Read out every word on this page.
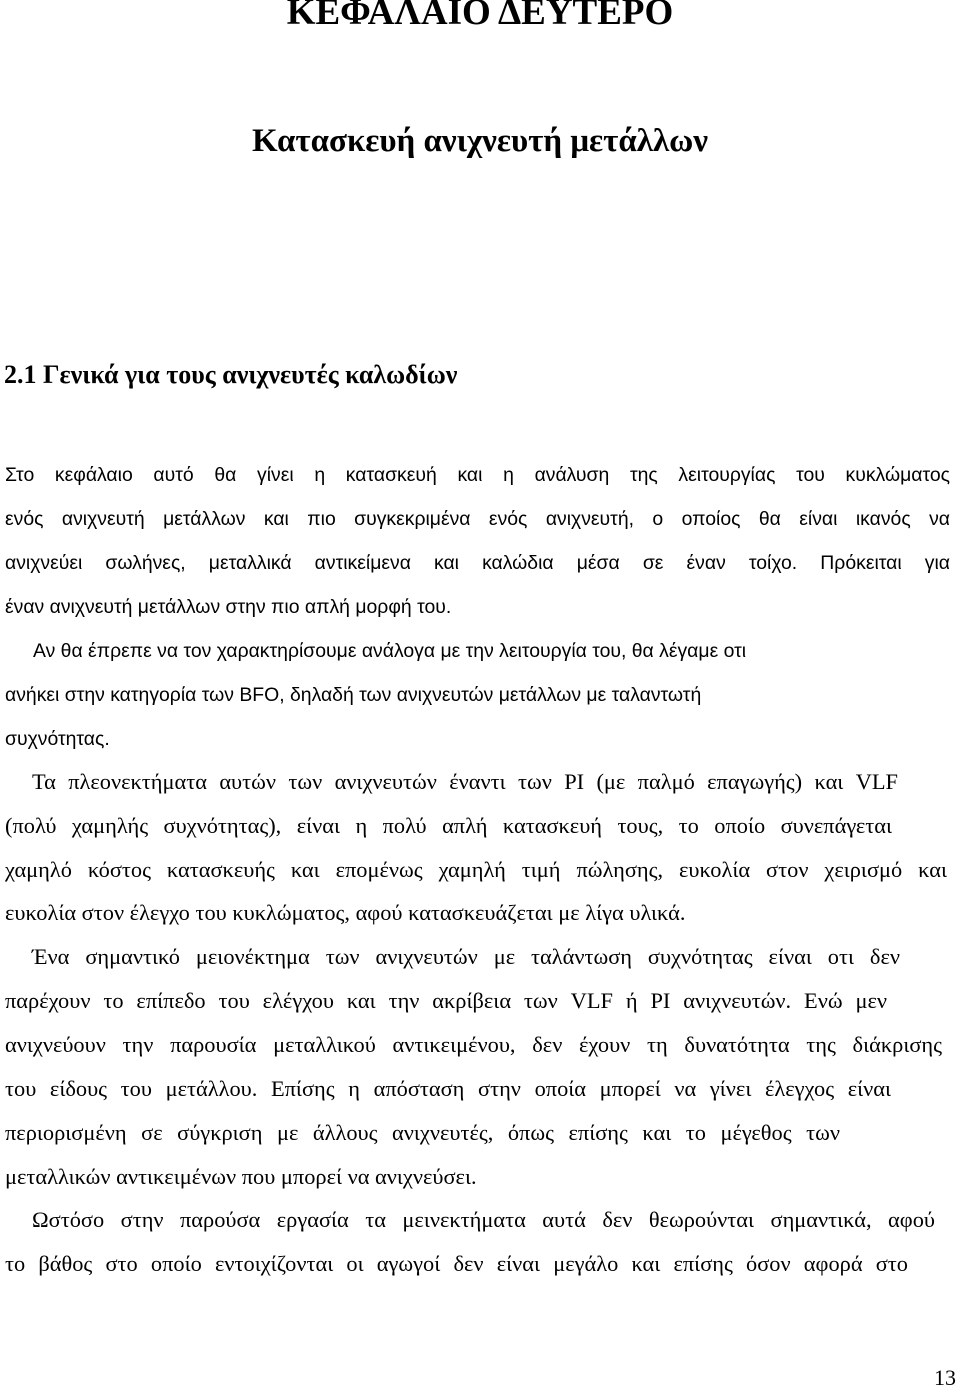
ΚΕΦΑΛΑΙΟ ΔΕΥΤΕΡΟ
Κατασκευή ανιχνευτή μετάλλων
2.1 Γενικά για τους ανιχνευτές καλωδίων

Στο κεφάλαιο αυτό θα γίνει η κατασκευή και η ανάλυση της λειτουργίας του κυκλώματος

ενός ανιχνευτή μετάλλων και πιο συγκεκριμένα ενός ανιχνευτή, ο οποίος θα είναι ικανός να

ανιχνεύει σωλήνες, μεταλλικά αντικείμενα και καλώδια μέσα σε έναν τοίχο. Πρόκειται για

έναν ανιχνευτή μετάλλων στην πιο απλή μορφή του.

Αν θα έπρεπε να τον χαρακτηρίσουμε ανάλογα με την λειτουργία του, θα λέγαμε οτι

ανήκει στην κατηγορία των BFO, δηλαδή των ανιχνευτών μετάλλων με ταλαντωτή

συχνότητας.

Τα πλεονεκτήματα αυτών των ανιχνευτών έναντι των PI (με παλμό επαγωγής) και VLF

(πολύ χαμηλής συχνότητας), είναι η πολύ απλή κατασκευή τους, το οποίο συνεπάγεται

χαμηλό κόστος κατασκευής και επομένως χαμηλή τιμή πώλησης, ευκολία στον χειρισμό και

ευκολία στον έλεγχο του κυκλώματος, αφού κατασκευάζεται με λίγα υλικά.

Ένα σημαντικό μειονέκτημα των ανιχνευτών με ταλάντωση συχνότητας είναι οτι δεν

παρέχουν το επίπεδο του ελέγχου και την ακρίβεια των VLF ή PI ανιχνευτών. Ενώ μεν

ανιχνεύουν την παρουσία μεταλλικού αντικειμένου, δεν έχουν τη δυνατότητα της διάκρισης

του είδους του μετάλλου. Επίσης η απόσταση στην οποία μπορεί να γίνει έλεγχος είναι

περιορισμένη σε σύγκριση με άλλους ανιχνευτές, όπως επίσης και το μέγεθος των

μεταλλικών αντικειμένων που μπορεί να ανιχνεύσει.

Ωστόσο στην παρούσα εργασία τα μεινεκτήματα αυτά δεν θεωρούνται σημαντικά, αφού

το βάθος στο οποίο εντοιχίζονται οι αγωγοί δεν είναι μεγάλο και επίσης όσον αφορά στο

13
